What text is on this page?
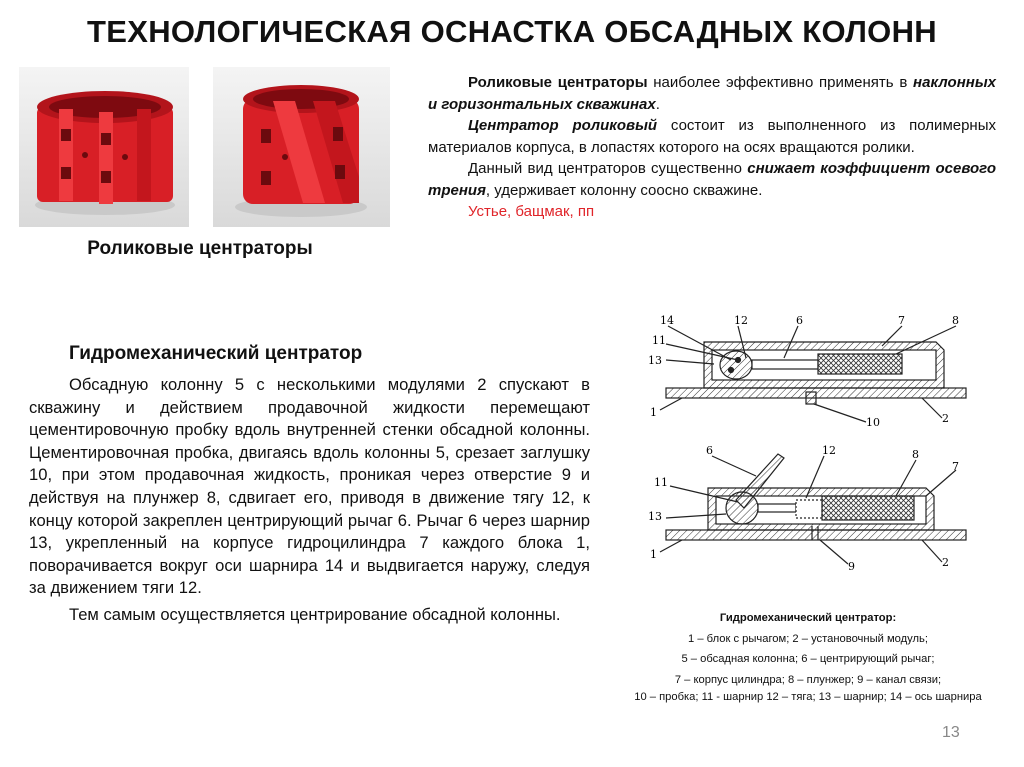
ТЕХНОЛОГИЧЕСКАЯ ОСНАСТКА ОБСАДНЫХ КОЛОНН
Роликовые центраторы

Роликовые центраторы наиболее эффективно применять в наклонных и горизонтальных скважинах.

Центратор роликовый состоит из выполненного из полимерных материалов корпуса, в лопастях которого на осях вращаются ролики.

Данный вид центраторов существенно снижает коэффициент осевого трения, удерживает колонну соосно скважине.

Устье, бащмак, пп

Гидромеханический центратор

Обсадную колонну 5 с несколькими модулями 2 спускают в скважину и действием продавочной жидкости перемещают цементировочную пробку вдоль внутренней стенки обсадной колонны. Цементировочная пробка, двигаясь вдоль колонны 5, срезает заглушку 10, при этом продавочная жидкость, проникая через отверстие 9 и действуя на плунжер 8, сдвигает его, приводя в движение тягу 12, к концу которой закреплен центрирующий рычаг 6. Рычаг 6 через шарнир 13, укрепленный на корпусе гидроцилиндра 7 каждого блока 1, поворачивается вокруг оси шарнира 14 и выдвигается наружу, следуя за движением тяги 12.

Тем самым осуществляется центрирование обсадной колонны.

14	12	6	7	8
11
13
1
10	2
6	12	8
7
11
13
1
9	2
Гидромеханический центратор:
1 – блок с рычагом; 2 – установочный модуль;
5 – обсадная колонна; 6 – центрирующий рычаг;
7 – корпус цилиндра; 8 – плунжер; 9 – канал связи;
10 – пробка; 11 - шарнир 12 – тяга; 13 – шарнир; 14 – ось шарнира
13
